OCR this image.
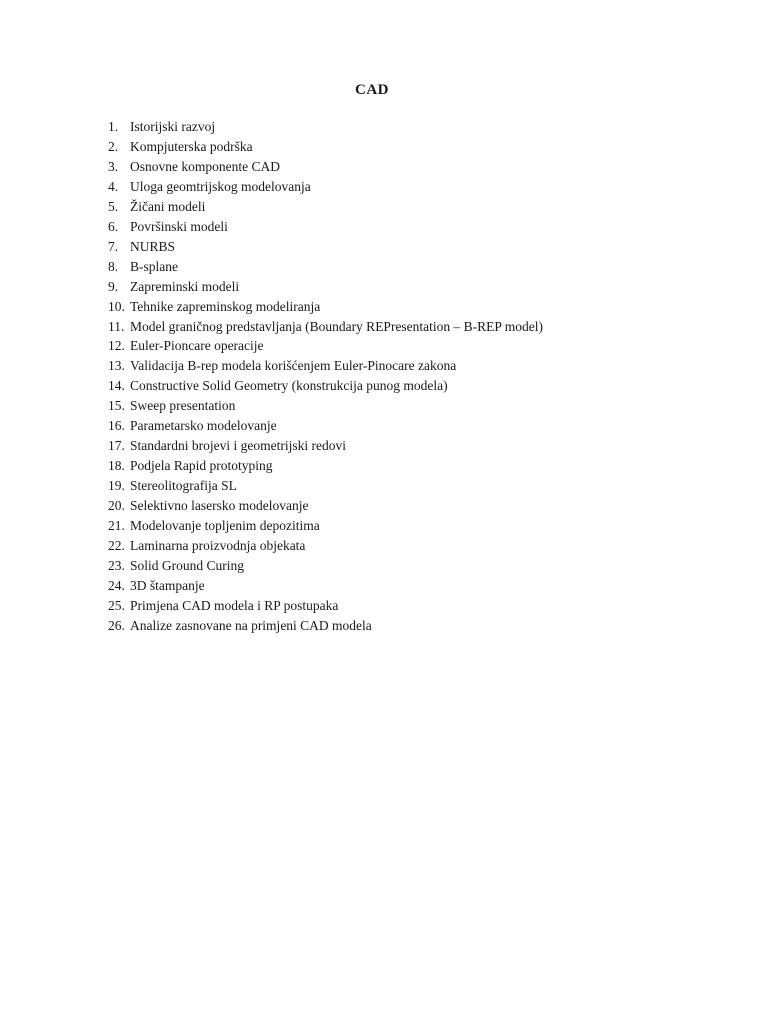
CAD
1. Istorijski razvoj
2. Kompjuterska podrška
3. Osnovne komponente CAD
4. Uloga geomtrijskog modelovanja
5. Žičani modeli
6. Površinski modeli
7. NURBS
8. B-splane
9. Zapreminski modeli
10. Tehnike zapreminskog modeliranja
11. Model graničnog predstavljanja (Boundary REPresentation – B-REP model)
12. Euler-Pioncare operacije
13. Validacija B-rep modela korišćenjem Euler-Pinocare zakona
14. Constructive Solid Geometry (konstrukcija punog modela)
15. Sweep presentation
16. Parametarsko modelovanje
17. Standardni brojevi i geometrijski redovi
18. Podjela Rapid prototyping
19. Stereolitografija SL
20. Selektivno lasersko modelovanje
21. Modelovanje topljenim depozitima
22. Laminarna proizvodnja objekata
23. Solid Ground Curing
24. 3D štampanje
25. Primjena CAD modela i RP postupaka
26. Analize zasnovane na primjeni CAD modela
